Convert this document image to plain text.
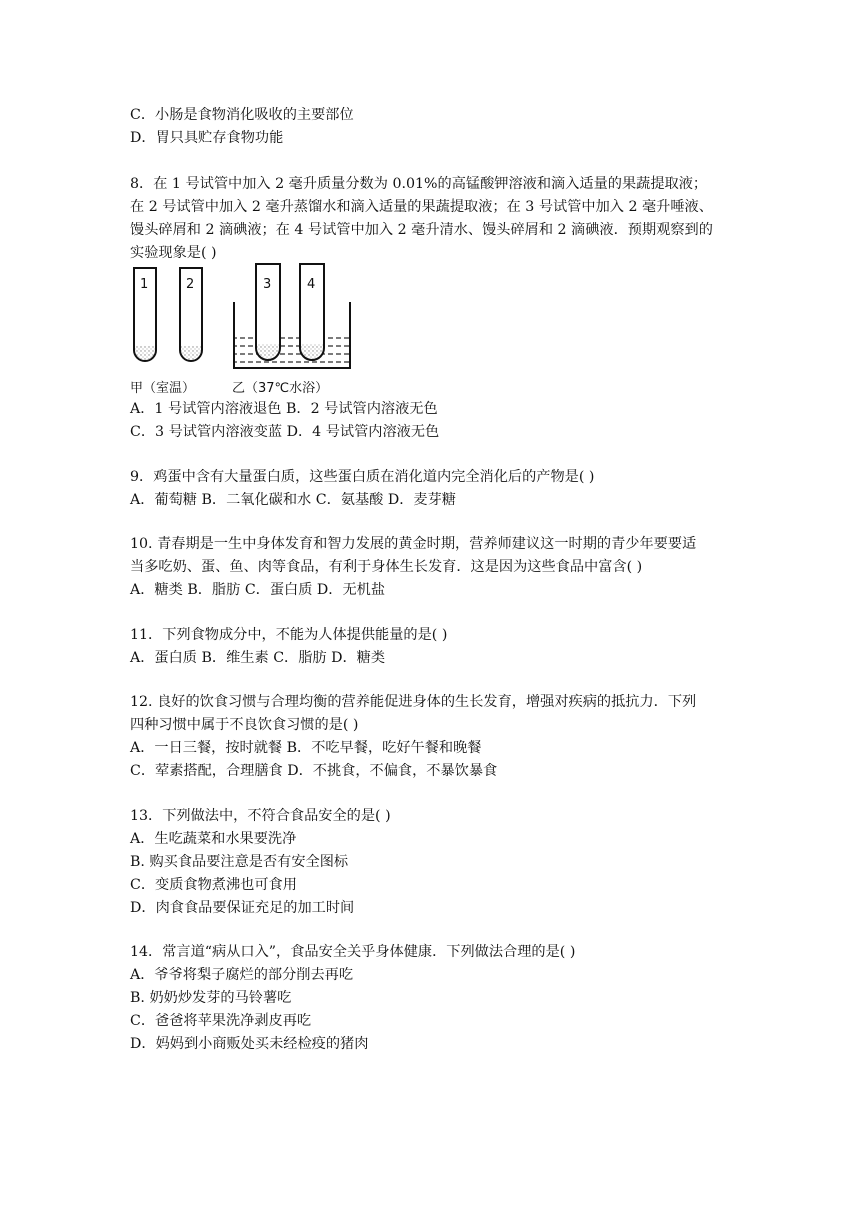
C．小肠是食物消化吸收的主要部位
D．胃只具贮存食物功能
8．在 1 号试管中加入 2 毫升质量分数为 0.01%的高锰酸钾溶液和滴入适量的果蔬提取液；
在 2 号试管中加入 2 毫升蒸馏水和滴入适量的果蔬提取液；在 3 号试管中加入 2 毫升唾液、
馒头碎屑和 2 滴碘液；在 4 号试管中加入 2 毫升清水、馒头碎屑和 2 滴碘液．预期观察到的
实验现象是( )
1	2	3	4
甲（室温）	乙（37℃水浴）
A．1 号试管内溶液退色 B．2 号试管内溶液无色
C．3 号试管内溶液变蓝 D．4 号试管内溶液无色
9．鸡蛋中含有大量蛋白质，这些蛋白质在消化道内完全消化后的产物是( )
A．葡萄糖 B．二氧化碳和水 C．氨基酸 D．麦芽糖
10. 青春期是一生中身体发育和智力发展的黄金时期，营养师建议这一时期的青少年要要适
当多吃奶、蛋、鱼、肉等食品，有利于身体生长发育．这是因为这些食品中富含( )
A．糖类 B．脂肪 C．蛋白质 D．无机盐
11．下列食物成分中，不能为人体提供能量的是( )
A．蛋白质 B．维生素 C．脂肪 D．糖类
12. 良好的饮食习惯与合理均衡的营养能促进身体的生长发育，增强对疾病的抵抗力．下列
四种习惯中属于不良饮食习惯的是( )
A．一日三餐，按时就餐 B．不吃早餐，吃好午餐和晚餐
C．荤素搭配，合理膳食 D．不挑食，不偏食，不暴饮暴食
13．下列做法中，不符合食品安全的是( )
A．生吃蔬菜和水果要洗净
B. 购买食品要注意是否有安全图标
C．变质食物煮沸也可食用
D．肉食食品要保证充足的加工时间
14．常言道“病从口入”，食品安全关乎身体健康．下列做法合理的是( )
A．爷爷将梨子腐烂的部分削去再吃
B. 奶奶炒发芽的马铃薯吃
C．爸爸将苹果洗净剥皮再吃
D．妈妈到小商贩处买未经检疫的猪肉
